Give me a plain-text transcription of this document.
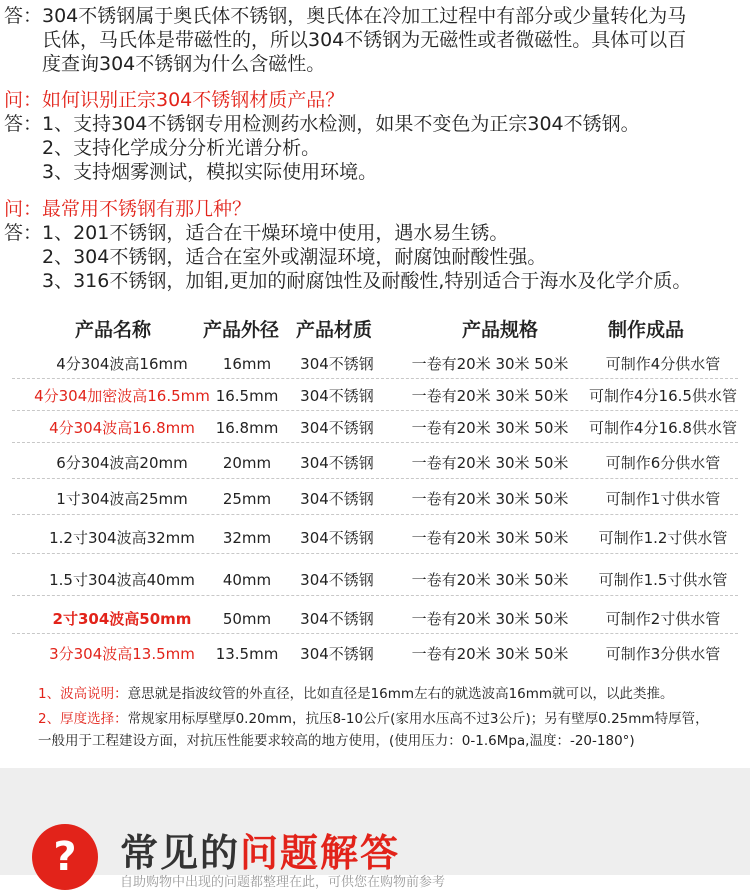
答：304不锈钢属于奥氏体不锈钢，奥氏体在冷加工过程中有部分或少量转化为马
　　氏体，马氏体是带磁性的，所以304不锈钢为无磁性或者微磁性。具体可以百
　　度查询304不锈钢为什么含磁性。
问：如何识别正宗304不锈钢材质产品？
答：1、支持304不锈钢专用检测药水检测，如果不变色为正宗304不锈钢。
　　2、支持化学成分分析光谱分析。
　　3、支持烟雾测试，模拟实际使用环境。
问：最常用不锈钢有那几种？
答：1、201不锈钢，适合在干燥环境中使用，遇水易生锈。
　　2、304不锈钢，适合在室外或潮湿环境，耐腐蚀耐酸性强。
　　3、316不锈钢，加钼,更加的耐腐蚀性及耐酸性,特别适合于海水及化学介质。
产品名称	产品外径 产品材质	产品规格	制作成品
4分304波高16mm	16mm	304不锈钢	一卷有20米 30米 50米	可制作4分供水管
4分304加密波高16.5mm 16.5mm	304不锈钢	一卷有20米 30米 50米	可制作4分16.5供水管
4分304波高16.8mm	16.8mm	304不锈钢	一卷有20米 30米 50米	可制作4分16.8供水管
6分304波高20mm	20mm	304不锈钢	一卷有20米 30米 50米	可制作6分供水管
1寸304波高25mm	25mm	304不锈钢	一卷有20米 30米 50米	可制作1寸供水管
1.2寸304波高32mm	32mm	304不锈钢	一卷有20米 30米 50米	可制作1.2寸供水管
1.5寸304波高40mm	40mm	304不锈钢	一卷有20米 30米 50米	可制作1.5寸供水管
2寸304波高50mm	50mm	304不锈钢	一卷有20米 30米 50米	可制作2寸供水管
3分304波高13.5mm	13.5mm	304不锈钢	一卷有20米 30米 50米	可制作3分供水管
1、波高说明：意思就是指波纹管的外直径，比如直径是16mm左右的就选波高16mm就可以，以此类推。
2、厚度选择：常规家用标厚壁厚0.20mm，抗压8-10公斤(家用水压高不过3公斤)；另有壁厚0.25mm特厚管，
一般用于工程建设方面，对抗压性能要求较高的地方使用，(使用压力：0-1.6Mpa,温度：-20-180°)
?	常见的问题解答
自助购物中出现的问题都整理在此，可供您在购物前参考
